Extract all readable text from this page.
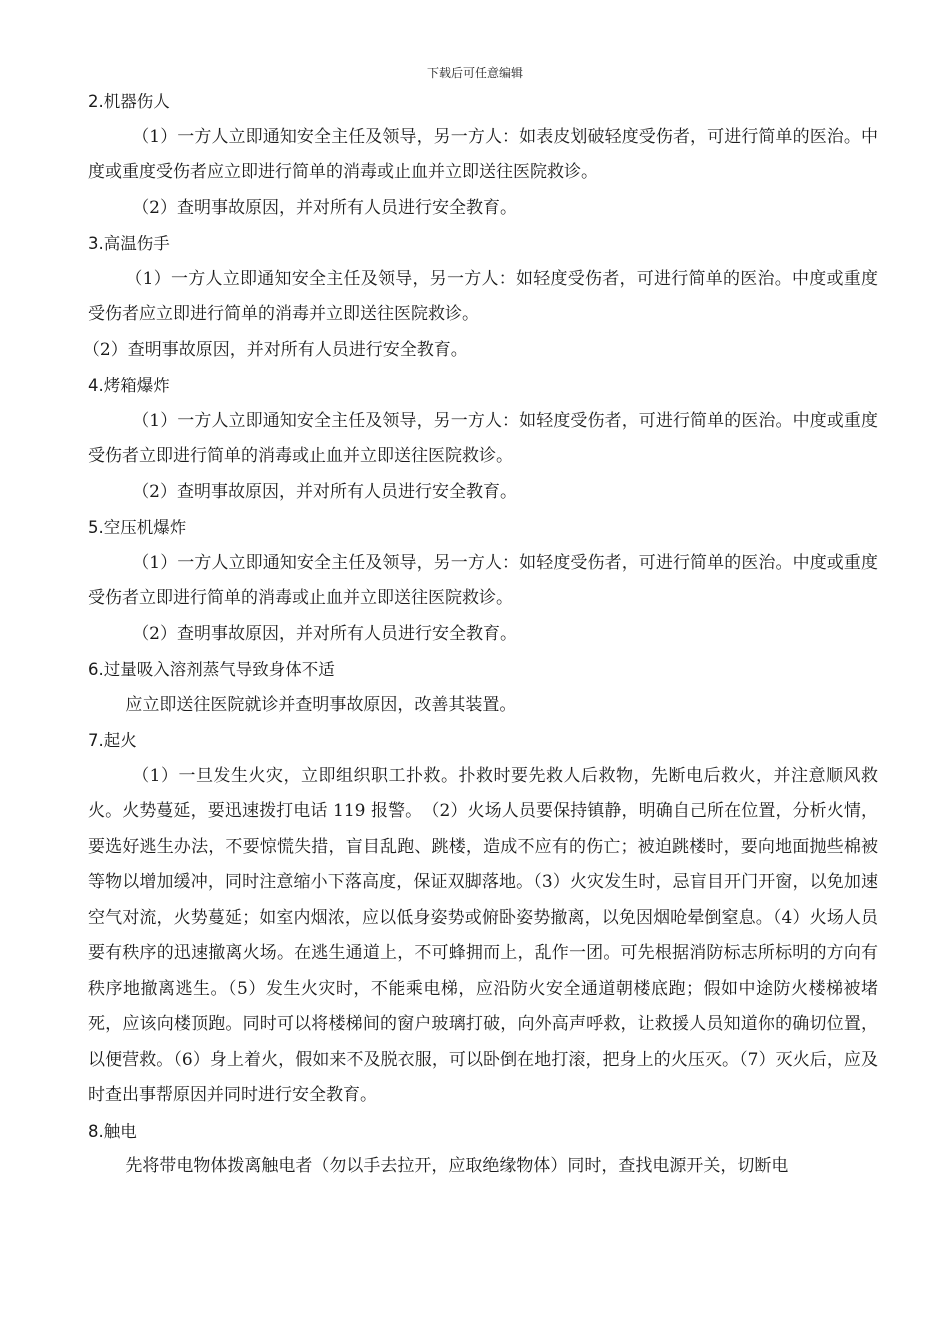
下载后可任意编辑

2.机器伤人

（1）一方人立即通知安全主任及领导，另一方人：如表皮划破轻度受伤者，可进行简单的医治。中度或重度受伤者应立即进行简单的消毒或止血并立即送往医院救诊。

（2）查明事故原因，并对所有人员进行安全教育。

3.高温伤手

（1）一方人立即通知安全主任及领导，另一方人：如轻度受伤者，可进行简单的医治。中度或重度受伤者应立即进行简单的消毒并立即送往医院救诊。

（2）查明事故原因，并对所有人员进行安全教育。

4.烤箱爆炸

（1）一方人立即通知安全主任及领导，另一方人：如轻度受伤者，可进行简单的医治。中度或重度受伤者立即进行简单的消毒或止血并立即送往医院救诊。

（2）查明事故原因，并对所有人员进行安全教育。

5.空压机爆炸

（1）一方人立即通知安全主任及领导，另一方人：如轻度受伤者，可进行简单的医治。中度或重度受伤者立即进行简单的消毒或止血并立即送往医院救诊。

（2）查明事故原因，并对所有人员进行安全教育。

6.过量吸入溶剂蒸气导致身体不适

应立即送往医院就诊并查明事故原因，改善其装置。

7.起火

（1）一旦发生火灾，立即组织职工扑救。扑救时要先救人后救物，先断电后救火，并注意顺风救火。火势蔓延，要迅速拨打电话 119 报警。　（2）火场人员要保持镇静，明确自己所在位置，分析火情，要选好逃生办法，不要惊慌失措，盲目乱跑、跳楼，造成不应有的伤亡；被迫跳楼时，要向地面抛些棉被等物以增加缓冲，同时注意缩小下落高度，保证双脚落地。（3）火灾发生时，忌盲目开门开窗，以免加速空气对流，火势蔓延；如室内烟浓，应以低身姿势或俯卧姿势撤离，以免因烟呛晕倒窒息。（4）火场人员要有秩序的迅速撤离火场。在逃生通道上，不可蜂拥而上，乱作一团。可先根据消防标志所标明的方向有秩序地撤离逃生。（5）发生火灾时，不能乘电梯，应沿防火安全通道朝楼底跑；假如中途防火楼梯被堵死，应该向楼顶跑。同时可以将楼梯间的窗户玻璃打破，向外高声呼救，让救援人员知道你的确切位置，以便营救。（6）身上着火，假如来不及脱衣服，可以卧倒在地打滚，把身上的火压灭。（7）灭火后，应及时查出事帮原因并同时进行安全教育。

8.触电

先将带电物体拨离触电者（勿以手去拉开，应取绝缘物体）同时，查找电源开关，切断电
